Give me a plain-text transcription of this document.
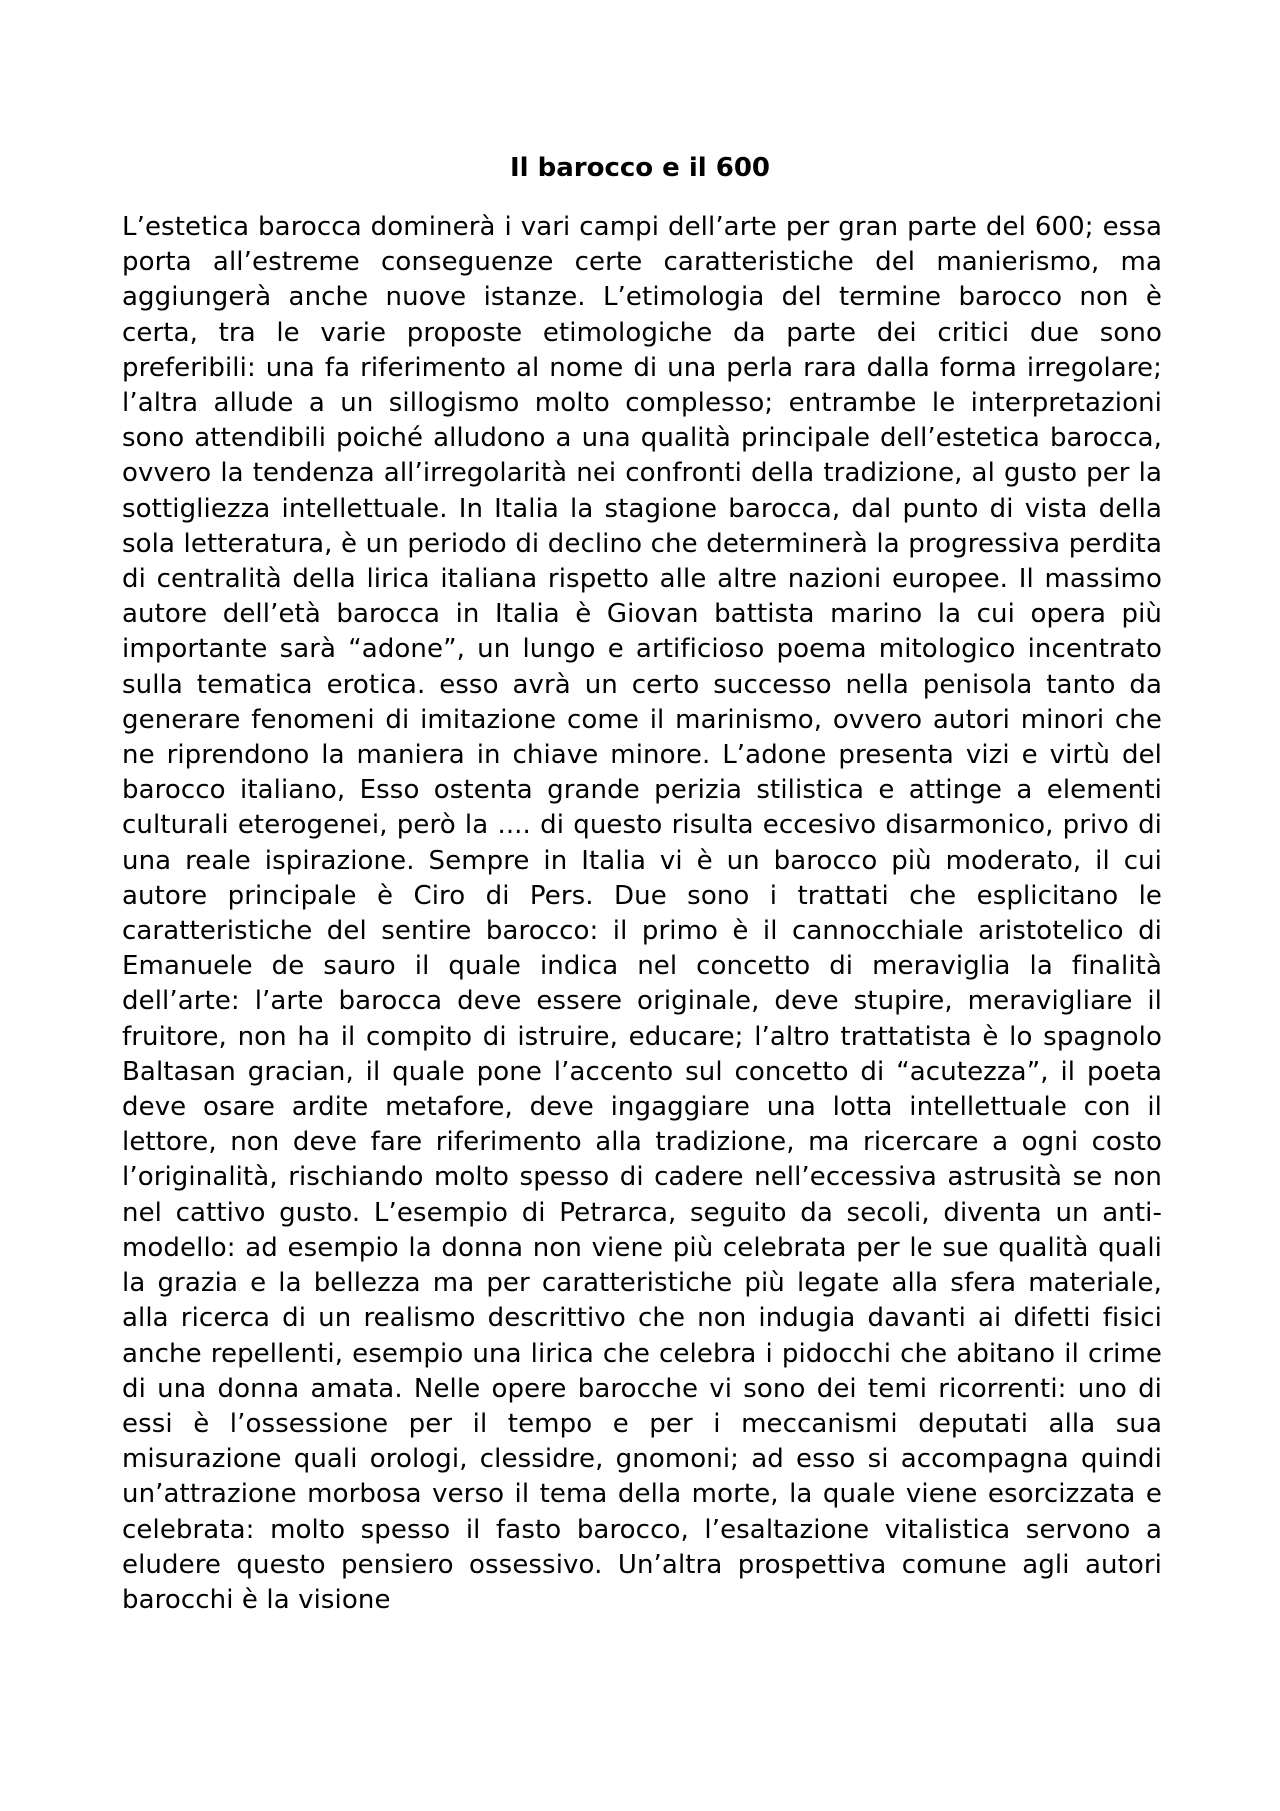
Il barocco e il 600

L’estetica barocca dominerà i vari campi dell’arte per gran parte del 600; essa porta all’estreme conseguenze certe caratteristiche del manierismo, ma aggiungerà anche nuove istanze. L’etimologia del termine barocco non è certa, tra le varie proposte etimologiche da parte dei critici due sono preferibili: una fa riferimento al nome di una perla rara dalla forma irregolare; l’altra allude a un sillogismo molto complesso; entrambe le interpretazioni sono attendibili poiché alludono a una qualità principale dell’estetica barocca, ovvero la tendenza all’irregolarità nei confronti della tradizione, al gusto per la sottigliezza intellettuale. In Italia la stagione barocca, dal punto di vista della sola letteratura, è un periodo di declino che determinerà la progressiva perdita di centralità della lirica italiana rispetto alle altre nazioni europee. Il massimo autore dell’età barocca in Italia è Giovan battista marino la cui opera più importante sarà “adone”, un lungo e artificioso poema mitologico incentrato sulla tematica erotica. esso avrà un certo successo nella penisola tanto da generare fenomeni di imitazione come il marinismo, ovvero autori minori che ne riprendono la maniera in chiave minore. L’adone presenta vizi e virtù del barocco italiano, Esso ostenta grande perizia stilistica e attinge a elementi culturali eterogenei, però la .... di questo risulta eccesivo disarmonico, privo di una reale ispirazione. Sempre in Italia vi è un barocco più moderato, il cui autore principale è Ciro di Pers. Due sono i trattati che esplicitano le caratteristiche del sentire barocco: il primo è il cannocchiale aristotelico di Emanuele de sauro il quale indica nel concetto di meraviglia la finalità dell’arte: l’arte barocca deve essere originale, deve stupire, meravigliare il fruitore, non ha il compito di istruire, educare; l’altro trattatista è lo spagnolo Baltasan gracian, il quale pone l’accento sul concetto di “acutezza”, il poeta deve osare ardite metafore, deve ingaggiare una lotta intellettuale con il lettore, non deve fare riferimento alla tradizione, ma ricercare a ogni costo l’originalità, rischiando molto spesso di cadere nell’eccessiva astrusità se non nel cattivo gusto. L’esempio di Petrarca, seguito da secoli, diventa un anti-modello: ad esempio la donna non viene più celebrata per le sue qualità quali la grazia e la bellezza ma per caratteristiche più legate alla sfera materiale, alla ricerca di un realismo descrittivo che non indugia davanti ai difetti fisici anche repellenti, esempio una lirica che celebra i pidocchi che abitano il crime di una donna amata. Nelle opere barocche vi sono dei temi ricorrenti: uno di essi è l’ossessione per il tempo e per i meccanismi deputati alla sua misurazione quali orologi, clessidre, gnomoni; ad esso si accompagna quindi un’attrazione morbosa verso il tema della morte, la quale viene esorcizzata e celebrata: molto spesso il fasto barocco, l’esaltazione vitalistica servono a eludere questo pensiero ossessivo. Un’altra prospettiva comune agli autori barocchi è la visione
